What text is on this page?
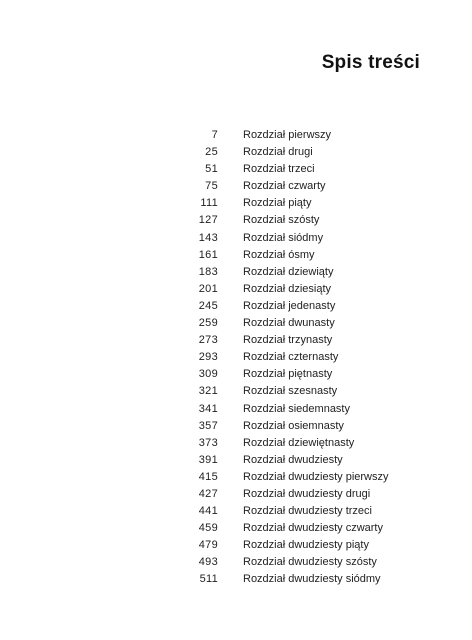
Spis treści
7 Rozdział pierwszy
25 Rozdział drugi
51 Rozdział trzeci
75 Rozdział czwarty
111 Rozdział piąty
127 Rozdział szósty
143 Rozdział siódmy
161 Rozdział ósmy
183 Rozdział dziewiąty
201 Rozdział dziesiąty
245 Rozdział jedenasty
259 Rozdział dwunasty
273 Rozdział trzynasty
293 Rozdział czternasty
309 Rozdział piętnasty
321 Rozdział szesnasty
341 Rozdział siedemnasty
357 Rozdział osiemnasty
373 Rozdział dziewiętnasty
391 Rozdział dwudziesty
415 Rozdział dwudziesty pierwszy
427 Rozdział dwudziesty drugi
441 Rozdział dwudziesty trzeci
459 Rozdział dwudziesty czwarty
479 Rozdział dwudziesty piąty
493 Rozdział dwudziesty szósty
511 Rozdział dwudziesty siódmy
